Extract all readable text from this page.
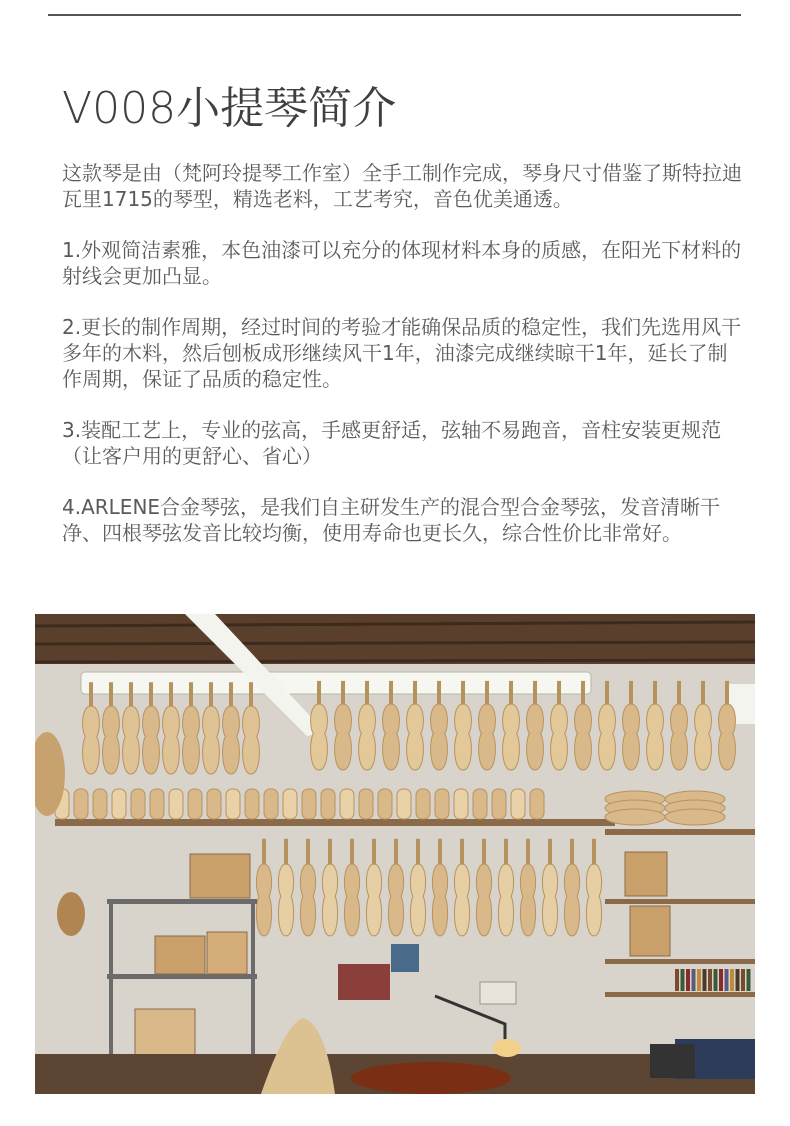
V008小提琴简介

这款琴是由（梵阿玲提琴工作室）全手工制作完成，琴身尺寸借鉴了斯特拉迪瓦里1715的琴型，精选老料，工艺考究，音色优美通透。

1.外观简洁素雅，本色油漆可以充分的体现材料本身的质感，在阳光下材料的射线会更加凸显。

2.更长的制作周期，经过时间的考验才能确保品质的稳定性，我们先选用风干多年的木料，然后刨板成形继续风干1年，油漆完成继续晾干1年，延长了制作周期，保证了品质的稳定性。

3.装配工艺上，专业的弦高，手感更舒适，弦轴不易跑音，音柱安装更规范（让客户用的更舒心、省心）

4.ARLENE合金琴弦，是我们自主研发生产的混合型合金琴弦，发音清晰干净、四根琴弦发音比较均衡，使用寿命也更长久，综合性价比非常好。
